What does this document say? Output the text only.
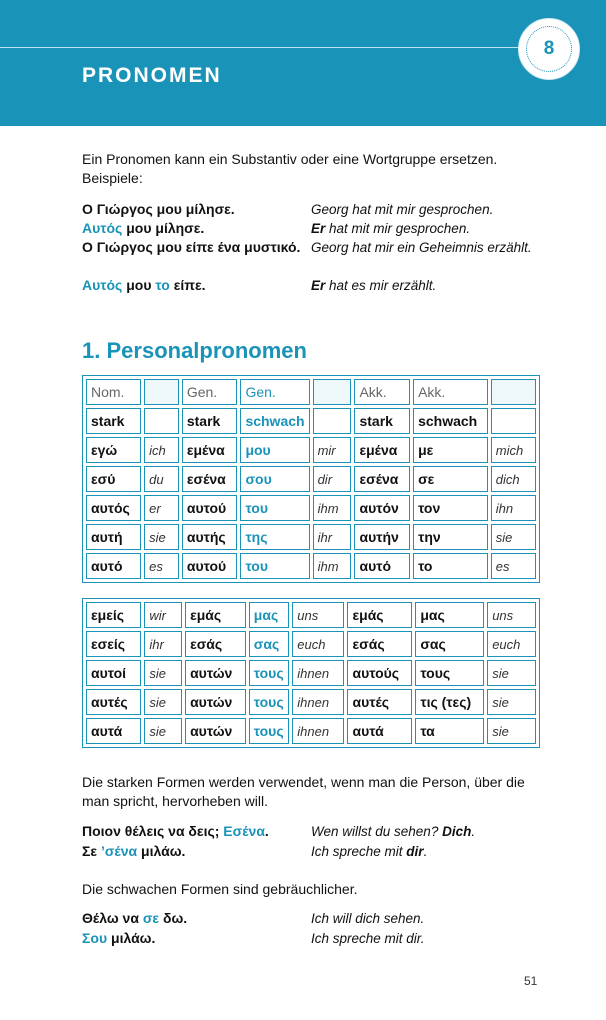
8
PRONOMEN
Ein Pronomen kann ein Substantiv oder eine Wortgruppe ersetzen. Beispiele:
Ο Γιώργος μου μίλησε.	Georg hat mit mir gesprochen.
Αυτός μου μίλησε.	Er hat mit mir gesprochen.
Ο Γιώργος μου είπε ένα μυστικό. Georg hat mir ein Geheimnis erzählt.
Αυτός μου το είπε.	Er hat es mir erzählt.
1. Personalpronomen
Nom.		Gen.	Gen.		Akk.	Akk.	
stark		stark	schwach		stark	schwach	
εγώ	ich	εμένα	μου	mir	εμένα	με	mich
εσύ	du	εσένα	σου	dir	εσένα	σε	dich
αυτός	er	αυτού	του	ihm	αυτόν	τον	ihn
αυτή	sie	αυτής	της	ihr	αυτήν	την	sie
αυτό	es	αυτού	του	ihm	αυτό	το	es
εμείς	wir	εμάς	μας	uns	εμάς	μας	uns
εσείς	ihr	εσάς	σας	euch	εσάς	σας	euch
αυτοί	sie	αυτών	τους	ihnen	αυτούς	τους	sie
αυτές	sie	αυτών	τους	ihnen	αυτές	τις (τες)	sie
αυτά	sie	αυτών	τους	ihnen	αυτά	τα	sie
Die starken Formen werden verwendet, wenn man die Person, über die man spricht, hervorheben will.
Ποιον θέλεις να δεις; Εσένα.	Wen willst du sehen? Dich.
Σε ’σένα μιλάω.	Ich spreche mit dir.
Die schwachen Formen sind gebräuchlicher.
Θέλω να σε δω.	Ich will dich sehen.
Σου μιλάω.	Ich spreche mit dir.
51
